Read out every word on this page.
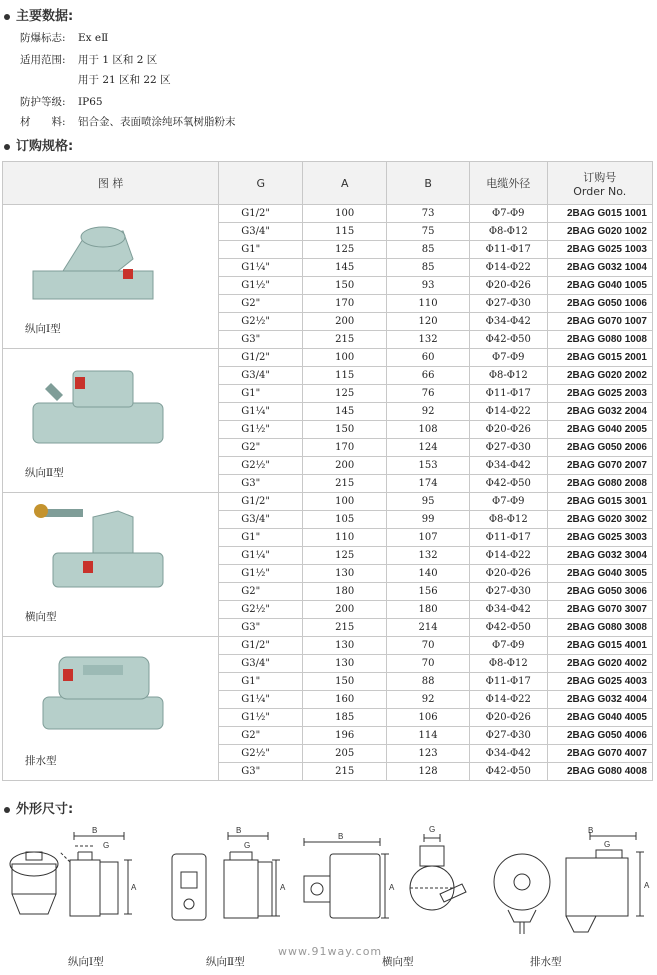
主要数据:
防爆标志: Ex eⅡ
适用范围: 用于 1 区和 2 区
用于 21 区和 22 区
防护等级: IP65
材　　料: 铝合金、表面喷涂纯环氧树脂粉末
订购规格:
图 样	G	A	B	电缆外径	订购号
Order No.

纵向Ⅰ型	G1/2"	100	73	Φ7-Φ9	2BAG G015 1001
	G3/4"	115	75	Φ8-Φ12	2BAG G020 1002
	G1"	125	85	Φ11-Φ17	2BAG G025 1003
	G1¼"	145	85	Φ14-Φ22	2BAG G032 1004
	G1½"	150	93	Φ20-Φ26	2BAG G040 1005
	G2"	170	110	Φ27-Φ30	2BAG G050 1006
	G2½"	200	120	Φ34-Φ42	2BAG G070 1007
	G3"	215	132	Φ42-Φ50	2BAG G080 1008

纵向Ⅱ型	G1/2"	100	60	Φ7-Φ9	2BAG G015 2001
	G3/4"	115	66	Φ8-Φ12	2BAG G020 2002
	G1"	125	76	Φ11-Φ17	2BAG G025 2003
	G1¼"	145	92	Φ14-Φ22	2BAG G032 2004
	G1½"	150	108	Φ20-Φ26	2BAG G040 2005
	G2"	170	124	Φ27-Φ30	2BAG G050 2006
	G2½"	200	153	Φ34-Φ42	2BAG G070 2007
	G3"	215	174	Φ42-Φ50	2BAG G080 2008

横向型	G1/2"	100	95	Φ7-Φ9	2BAG G015 3001
	G3/4"	105	99	Φ8-Φ12	2BAG G020 3002
	G1"	110	107	Φ11-Φ17	2BAG G025 3003
	G1¼"	125	132	Φ14-Φ22	2BAG G032 3004
	G1½"	130	140	Φ20-Φ26	2BAG G040 3005
	G2"	180	156	Φ27-Φ30	2BAG G050 3006
	G2½"	200	180	Φ34-Φ42	2BAG G070 3007
	G3"	215	214	Φ42-Φ50	2BAG G080 3008

排水型	G1/2"	130	70	Φ7-Φ9	2BAG G015 4001
	G3/4"	130	70	Φ8-Φ12	2BAG G020 4002
	G1"	150	88	Φ11-Φ17	2BAG G025 4003
	G1¼"	160	92	Φ14-Φ22	2BAG G032 4004
	G1½"	185	106	Φ20-Φ26	2BAG G040 4005
	G2"	196	114	Φ27-Φ30	2BAG G050 4006
	G2½"	205	123	Φ34-Φ42	2BAG G070 4007
	G3"	215	128	Φ42-Φ50	2BAG G080 4008
外形尺寸:
B
G
A
B
G
A
B
G
A
B
G
A
纵向Ⅰ型	纵向Ⅱ型	横向型	排水型
www.91way.com
